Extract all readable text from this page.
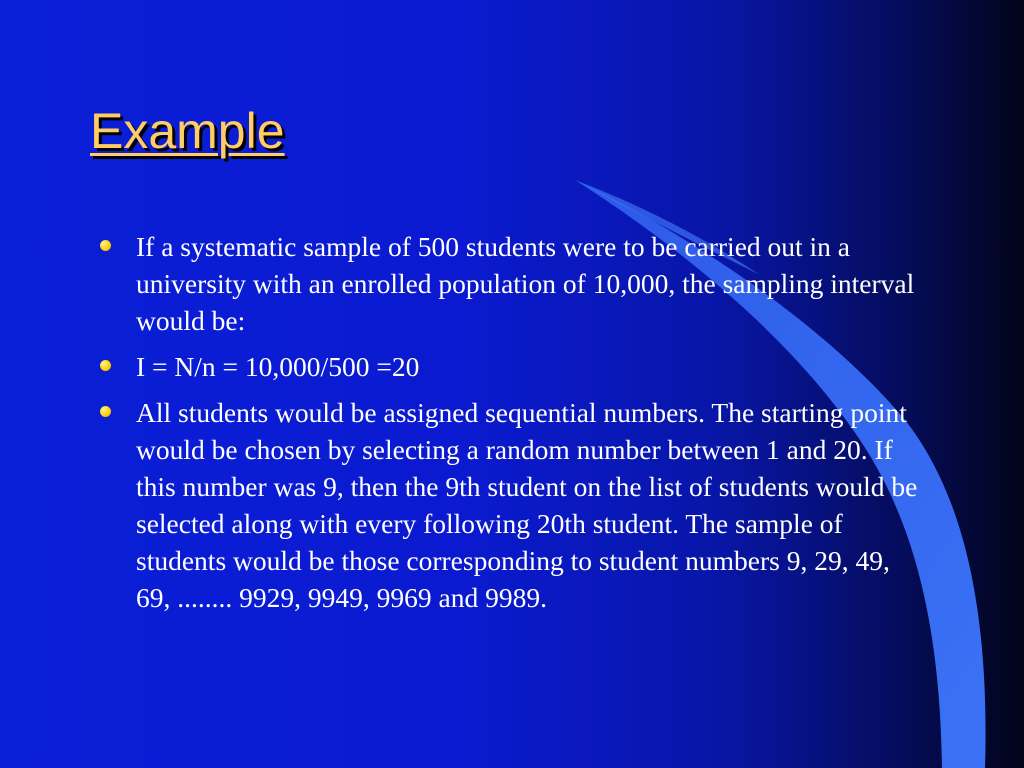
Example
If a systematic sample of 500 students were to be carried out in a university with an enrolled population of 10,000, the sampling interval would be:
I = N/n = 10,000/500 =20
All students would be assigned sequential numbers. The starting point would be chosen by selecting a random number between 1 and 20. If this number was 9, then the 9th student on the list of students would be selected along with every following 20th student. The sample of students would be those corresponding to student numbers 9, 29, 49, 69, ........ 9929, 9949, 9969 and 9989.
